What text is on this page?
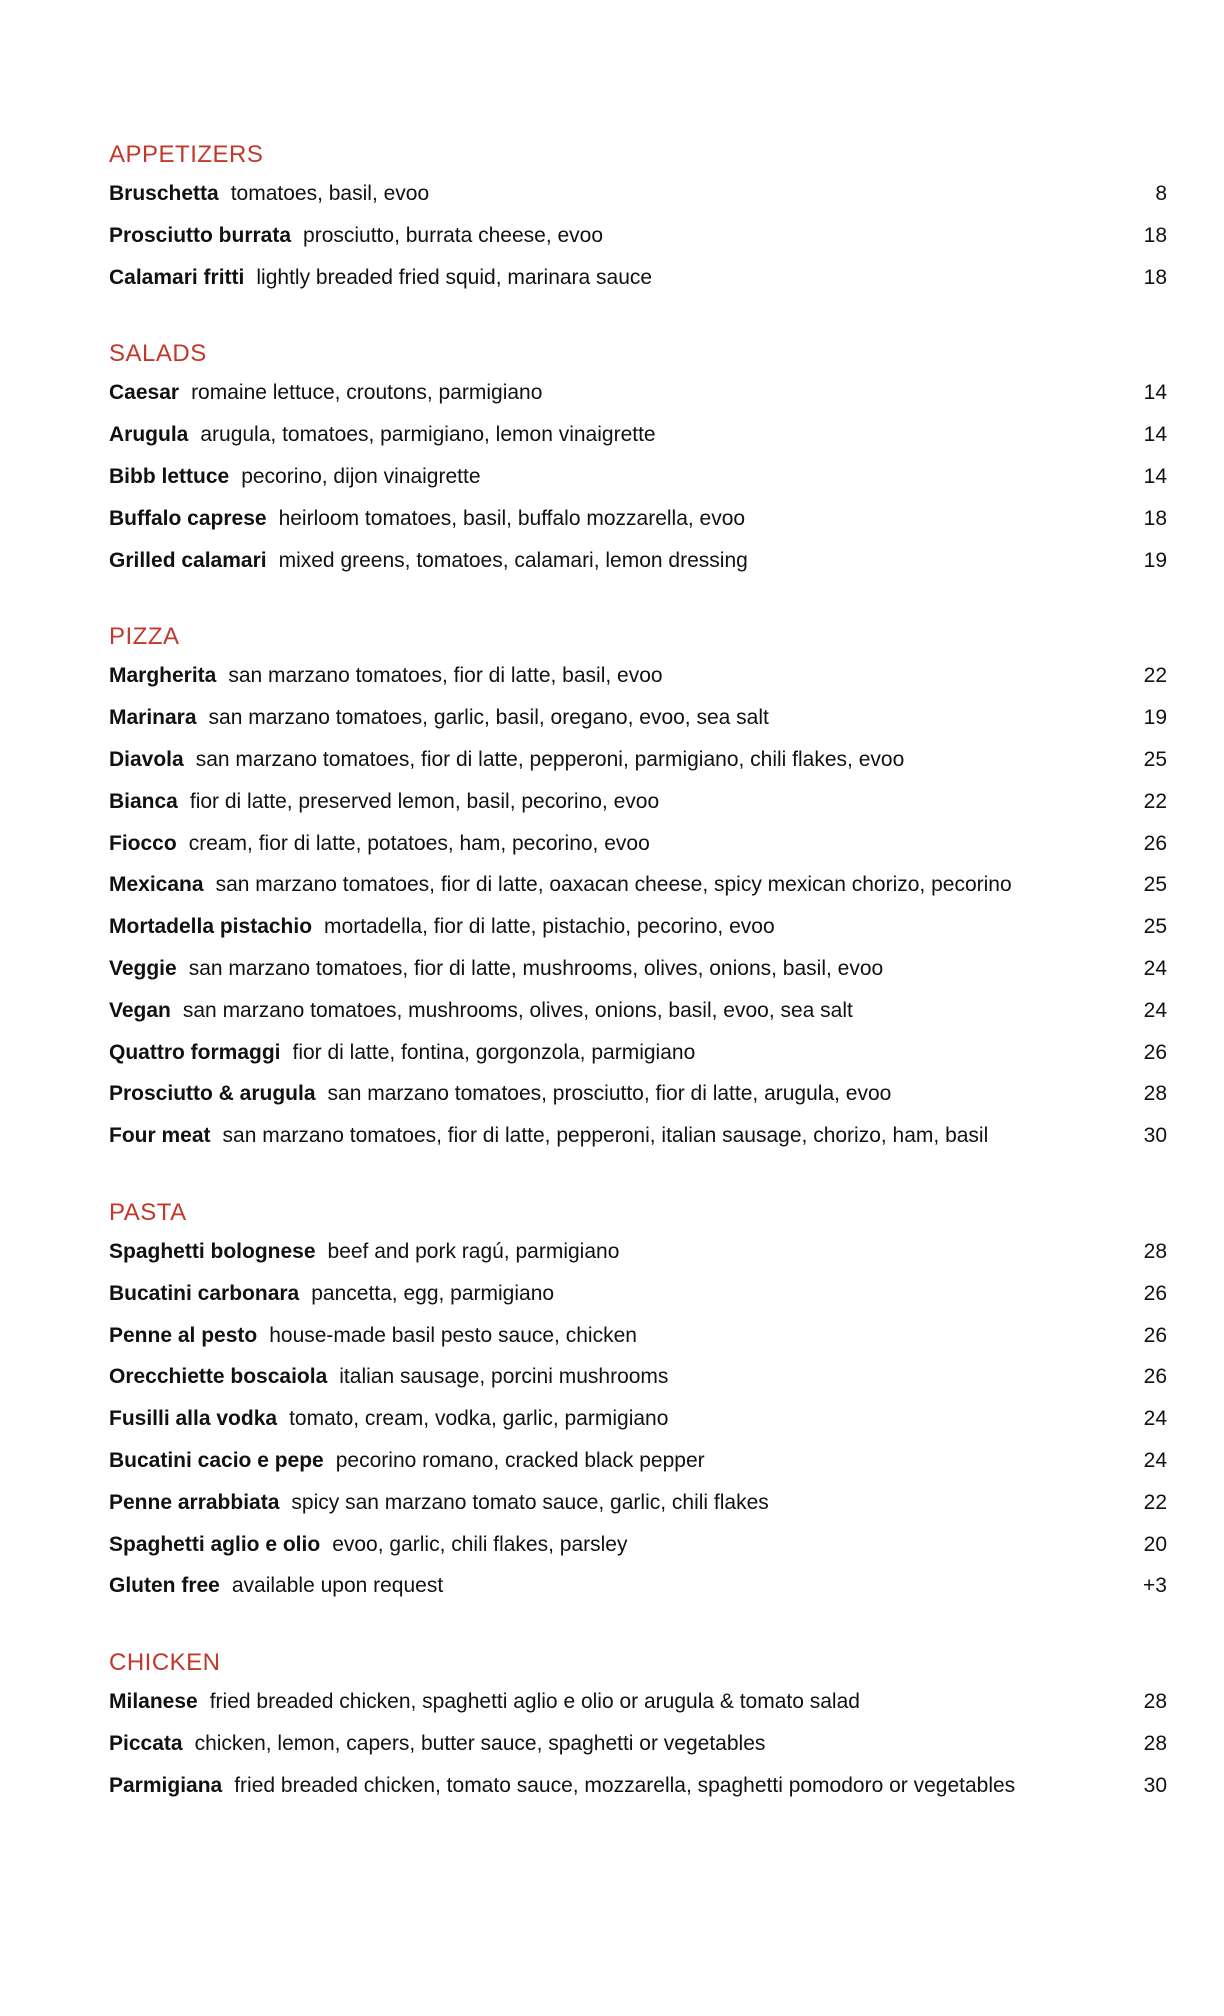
APPETIZERS
Bruschetta tomatoes, basil, evoo	8
Prosciutto burrata prosciutto, burrata cheese, evoo	18
Calamari fritti lightly breaded fried squid, marinara sauce	18
SALADS
Caesar romaine lettuce, croutons, parmigiano	14
Arugula arugula, tomatoes, parmigiano, lemon vinaigrette	14
Bibb lettuce pecorino, dijon vinaigrette	14
Buffalo caprese heirloom tomatoes, basil, buffalo mozzarella, evoo	18
Grilled calamari mixed greens, tomatoes, calamari, lemon dressing	19
PIZZA
Margherita san marzano tomatoes, fior di latte, basil, evoo	22
Marinara san marzano tomatoes, garlic, basil, oregano, evoo, sea salt	19
Diavola san marzano tomatoes, fior di latte, pepperoni, parmigiano, chili flakes, evoo	25
Bianca fior di latte, preserved lemon, basil, pecorino, evoo	22
Fiocco cream, fior di latte, potatoes, ham, pecorino, evoo	26
Mexicana san marzano tomatoes, fior di latte, oaxacan cheese, spicy mexican chorizo, pecorino	25
Mortadella pistachio mortadella, fior di latte, pistachio, pecorino, evoo	25
Veggie san marzano tomatoes, fior di latte, mushrooms, olives, onions, basil, evoo	24
Vegan san marzano tomatoes, mushrooms, olives, onions, basil, evoo, sea salt	24
Quattro formaggi fior di latte, fontina, gorgonzola, parmigiano	26
Prosciutto & arugula san marzano tomatoes, prosciutto, fior di latte, arugula, evoo	28
Four meat san marzano tomatoes, fior di latte, pepperoni, italian sausage, chorizo, ham, basil	30
PASTA
Spaghetti bolognese beef and pork ragú, parmigiano	28
Bucatini carbonara pancetta, egg, parmigiano	26
Penne al pesto house-made basil pesto sauce, chicken	26
Orecchiette boscaiola italian sausage, porcini mushrooms	26
Fusilli alla vodka tomato, cream, vodka, garlic, parmigiano	24
Bucatini cacio e pepe pecorino romano, cracked black pepper	24
Penne arrabbiata spicy san marzano tomato sauce, garlic, chili flakes	22
Spaghetti aglio e olio evoo, garlic, chili flakes, parsley	20
Gluten free available upon request	+3
CHICKEN
Milanese fried breaded chicken, spaghetti aglio e olio or arugula & tomato salad	28
Piccata chicken, lemon, capers, butter sauce, spaghetti or vegetables	28
Parmigiana fried breaded chicken, tomato sauce, mozzarella, spaghetti pomodoro or vegetables	30
